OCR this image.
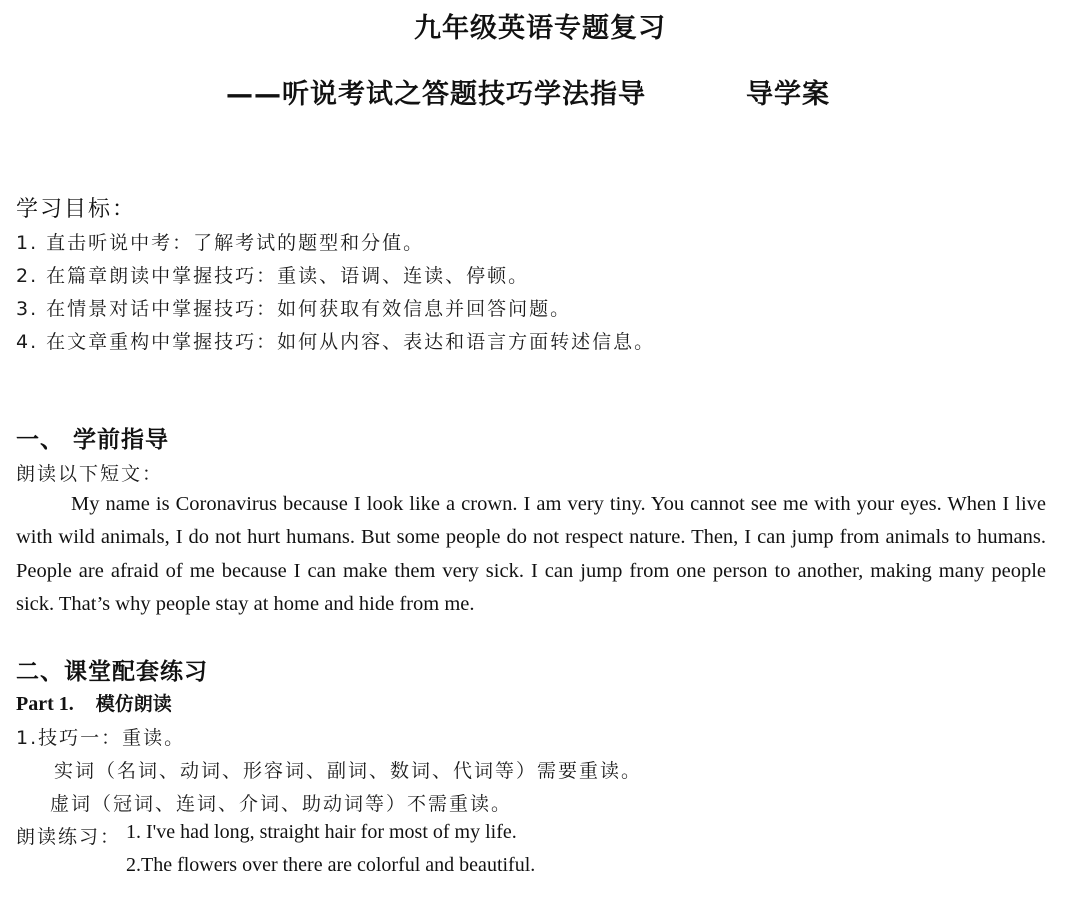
九年级英语专题复习
——听说考试之答题技巧学法指导	导学案
学习目标：
1. 直击听说中考：了解考试的题型和分值。
2. 在篇章朗读中掌握技巧：重读、语调、连读、停顿。
3. 在情景对话中掌握技巧：如何获取有效信息并回答问题。
4. 在文章重构中掌握技巧：如何从内容、表达和语言方面转述信息。
一、 学前指导
朗读以下短文：
My name is Coronavirus because I look like a crown. I am very tiny. You cannot see me with your eyes. When I live with wild animals, I do not hurt humans. But some people do not respect nature. Then, I can jump from animals to humans. People are afraid of me because I can make them very sick. I can jump from one person to another, making many people sick. That’s why people stay at home and hide from me.
二、课堂配套练习
Part 1. 模仿朗读
1.技巧一：重读。
实词（名词、动词、形容词、副词、数词、代词等）需要重读。
虚词（冠词、连词、介词、助动词等）不需重读。
朗读练习： 1. I've had long, straight hair for most of my life.
2.The flowers over there are colorful and beautiful.
